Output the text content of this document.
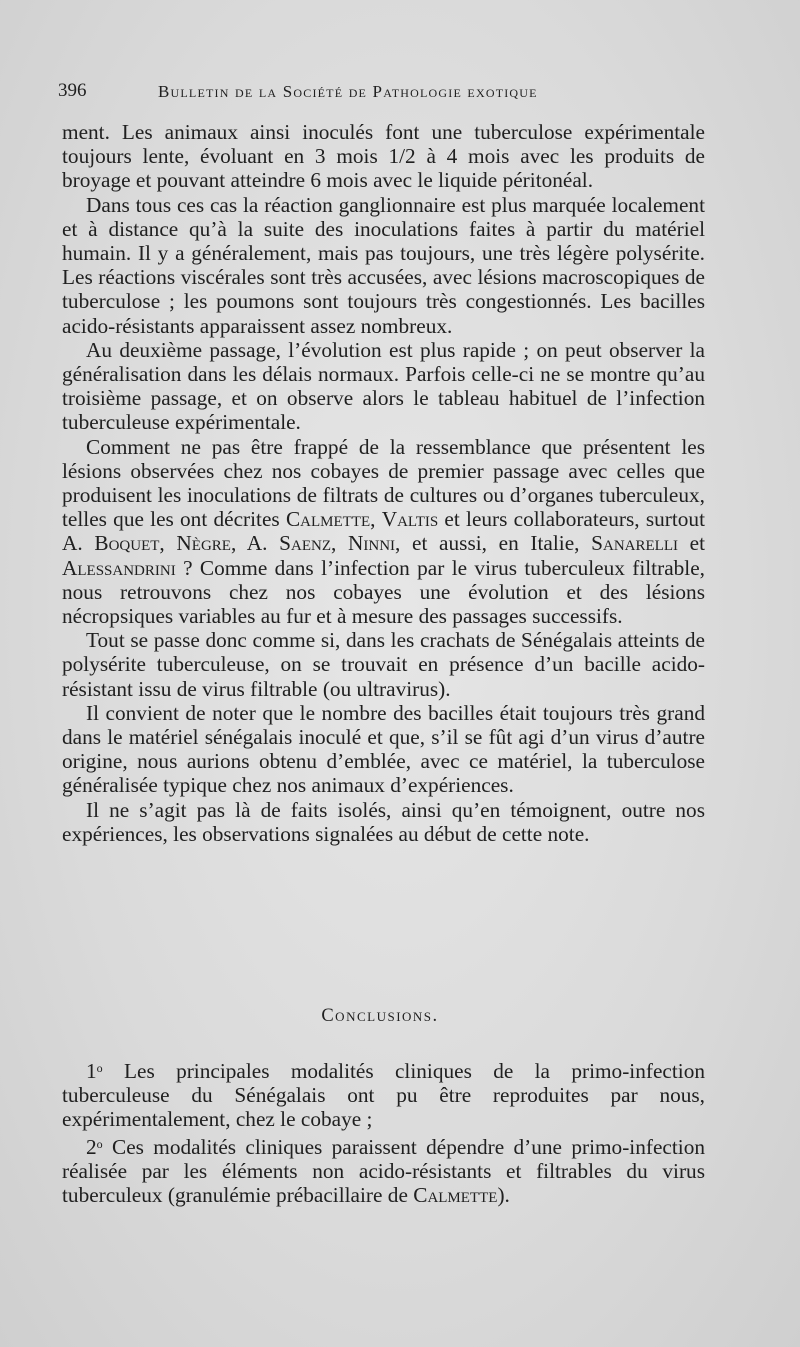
396	Bulletin de la Société de Pathologie exotique

ment. Les animaux ainsi inoculés font une tuberculose expérimentale toujours lente, évoluant en 3 mois 1/2 à 4 mois avec les produits de broyage et pouvant atteindre 6 mois avec le liquide péritonéal.

Dans tous ces cas la réaction ganglionnaire est plus marquée localement et à distance qu’à la suite des inoculations faites à partir du matériel humain. Il y a généralement, mais pas toujours, une très légère polysérite. Les réactions viscérales sont très accusées, avec lésions macroscopiques de tuberculose ; les poumons sont toujours très congestionnés. Les bacilles acido-résistants apparaissent assez nombreux.

Au deuxième passage, l’évolution est plus rapide ; on peut observer la généralisation dans les délais normaux. Parfois celle-ci ne se montre qu’au troisième passage, et on observe alors le tableau habituel de l’infection tuberculeuse expérimentale.

Comment ne pas être frappé de la ressemblance que présentent les lésions observées chez nos cobayes de premier passage avec celles que produisent les inoculations de filtrats de cultures ou d’organes tuberculeux, telles que les ont décrites Calmette, Valtis et leurs collaborateurs, surtout A. Boquet, Nègre, A. Saenz, Ninni, et aussi, en Italie, Sanarelli et Alessandrini ? Comme dans l’infection par le virus tuberculeux filtrable, nous retrouvons chez nos cobayes une évolution et des lésions nécropsiques variables au fur et à mesure des passages successifs.

Tout se passe donc comme si, dans les crachats de Sénégalais atteints de polysérite tuberculeuse, on se trouvait en présence d’un bacille acido-résistant issu de virus filtrable (ou ultravirus).

Il convient de noter que le nombre des bacilles était toujours très grand dans le matériel sénégalais inoculé et que, s’il se fût agi d’un virus d’autre origine, nous aurions obtenu d’emblée, avec ce matériel, la tuberculose généralisée typique chez nos animaux d’expériences.

Il ne s’agit pas là de faits isolés, ainsi qu’en témoignent, outre nos expériences, les observations signalées au début de cette note.

Conclusions.

1$^o$ Les principales modalités cliniques de la primo-infection tuberculeuse du Sénégalais ont pu être reproduites par nous, expérimentalement, chez le cobaye ;

2$^o$ Ces modalités cliniques paraissent dépendre d’une primo-infection réalisée par les éléments non acido-résistants et filtrables du virus tuberculeux (granulémie prébacillaire de Calmette).
